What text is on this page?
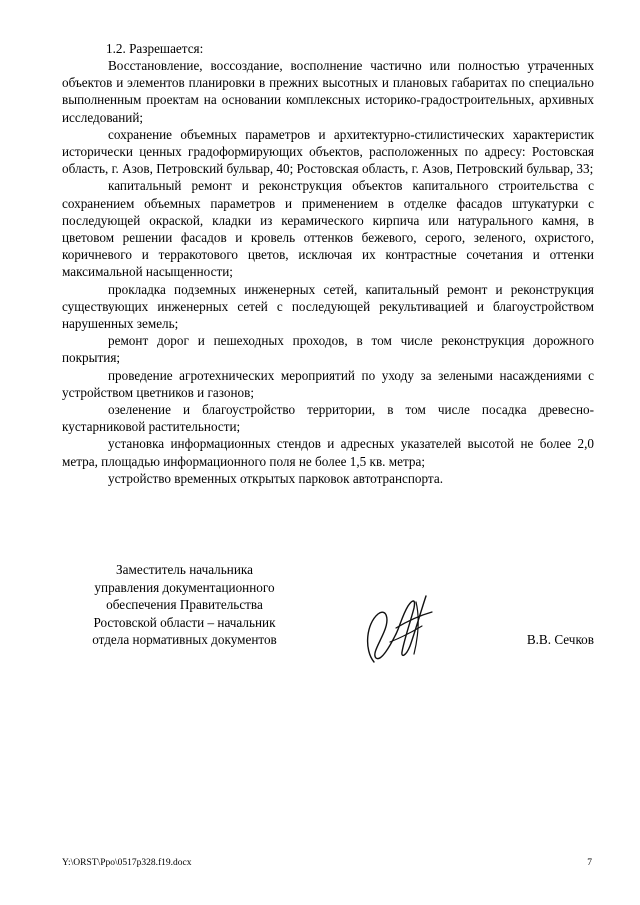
1.2. Разрешается:

Восстановление, воссоздание, восполнение частично или полностью утраченных объектов и элементов планировки в прежних высотных и плановых габаритах по специально выполненным проектам на основании комплексных историко-градостроительных, архивных исследований;

сохранение объемных параметров и архитектурно-стилистических характеристик исторически ценных градоформирующих объектов, расположенных по адресу: Ростовская область, г. Азов, Петровский бульвар, 40; Ростовская область, г. Азов, Петровский бульвар, 33;

капитальный ремонт и реконструкция объектов капитального строительства с сохранением объемных параметров и применением в отделке фасадов штукатурки с последующей окраской, кладки из керамического кирпича или натурального камня, в цветовом решении фасадов и кровель оттенков бежевого, серого, зеленого, охристого, коричневого и терракотового цветов, исключая их контрастные сочетания и оттенки максимальной насыщенности;

прокладка подземных инженерных сетей, капитальный ремонт и реконструкция существующих инженерных сетей с последующей рекультивацией и благоустройством нарушенных земель;

ремонт дорог и пешеходных проходов, в том числе реконструкция дорожного покрытия;

проведение агротехнических мероприятий по уходу за зелеными насаждениями с устройством цветников и газонов;

озеленение и благоустройство территории, в том числе посадка древесно-кустарниковой растительности;

установка информационных стендов и адресных указателей высотой не более 2,0 метра, площадью информационного поля не более 1,5 кв. метра;

устройство временных открытых парковок автотранспорта.

Заместитель начальника
управления документационного
обеспечения Правительства
Ростовской области – начальник
отдела нормативных документов	В.В. Сечков
Y:\ORST\Ppo\0517p328.f19.docx	7
